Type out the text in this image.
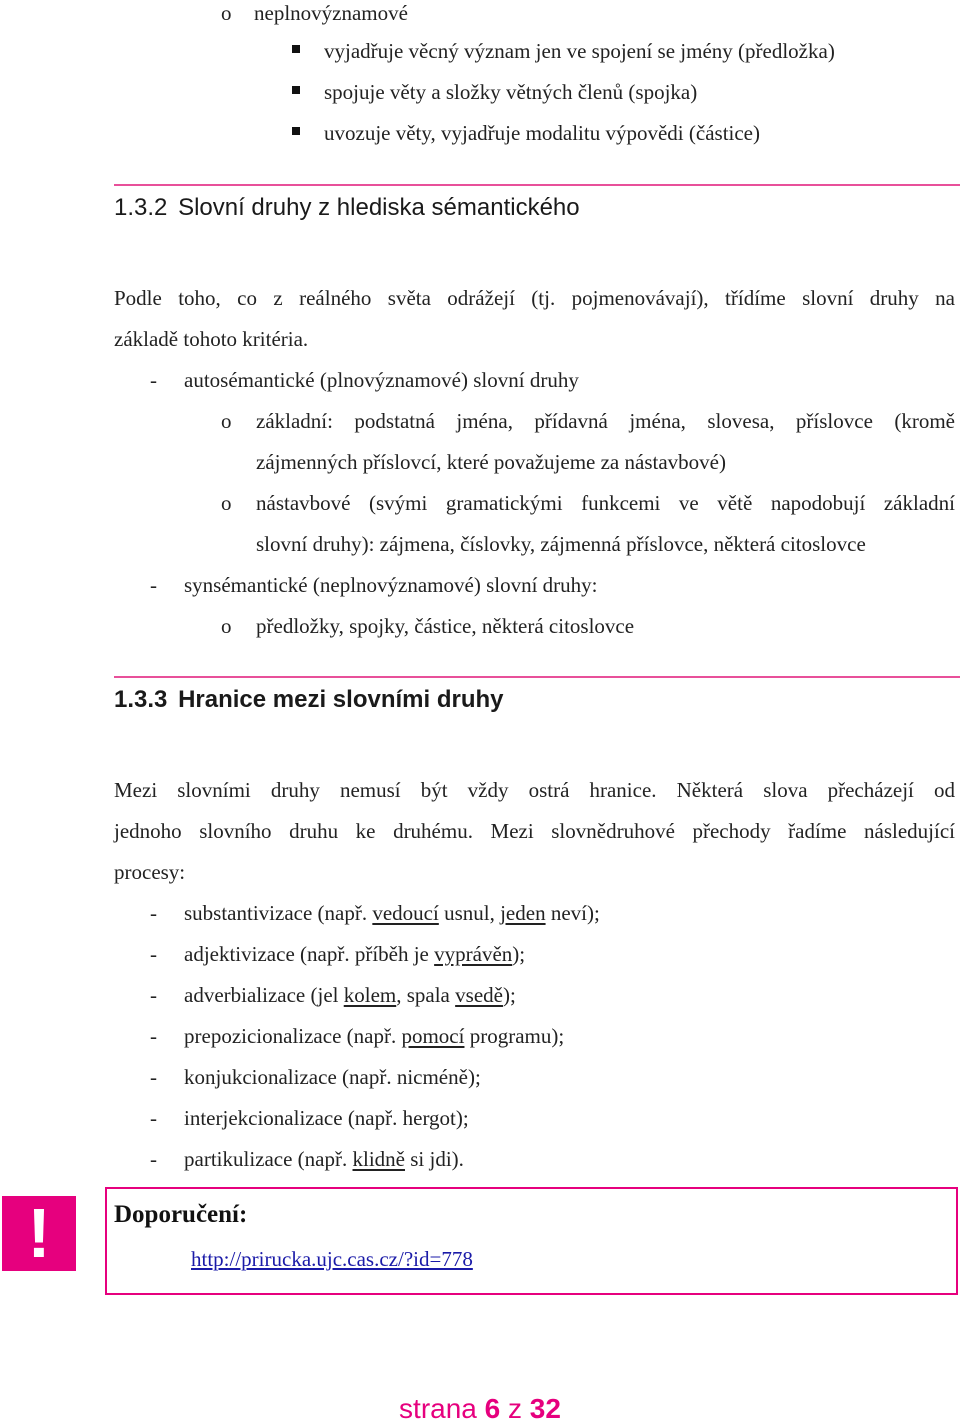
o neplnovýznamové
vyjadřuje věcný význam jen ve spojení se jmény (předložka)
spojuje věty a složky větných členů (spojka)
uvozuje věty, vyjadřuje modalitu výpovědi (částice)
1.3.2 Slovní druhy z hlediska sémantického
Podle toho, co z reálného světa odrážejí (tj. pojmenovávají), třídíme slovní druhy na
základě tohoto kritéria.
- autosémantické (plnovýznamové) slovní druhy
o základní: podstatná jména, přídavná jména, slovesa, příslovce (kromě
zájmenných příslovcí, které považujeme za nástavbové)
o nástavbové (svými gramatickými funkcemi ve větě napodobují základní
slovní druhy): zájmena, číslovky, zájmenná příslovce, některá citoslovce
- synsémantické (neplnovýznamové) slovní druhy:
o předložky, spojky, částice, některá citoslovce
1.3.3 Hranice mezi slovními druhy
Mezi slovními druhy nemusí být vždy ostrá hranice. Některá slova přecházejí od
jednoho slovního druhu ke druhému. Mezi slovnědruhové přechody řadíme následující
procesy:
- substantivizace (např. vedoucí usnul, jeden neví);
- adjektivizace (např. příběh je vyprávěn);
- adverbializace (jel kolem, spala vsedě);
- prepozicionalizace (např. pomocí programu);
- konjukcionalizace (např. nicméně);
- interjekcionalizace (např. hergot);
- partikulizace (např. klidně si jdi).
!	Doporučení:
http://prirucka.ujc.cas.cz/?id=778
strana 6 z 32
